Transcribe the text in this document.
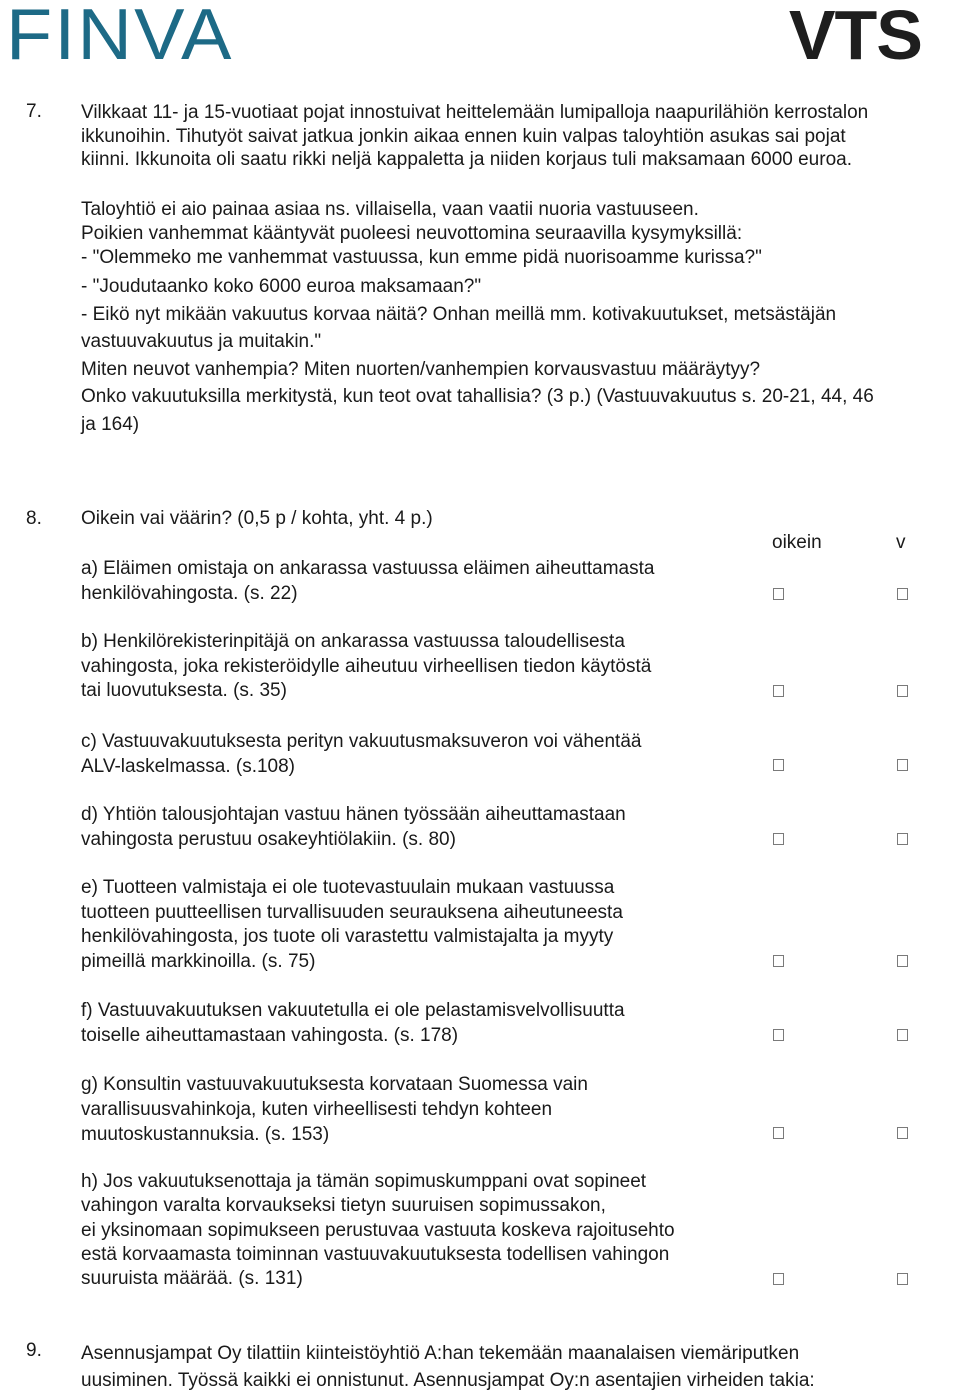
FINVA	VTS
7. Vilkkaat 11- ja 15-vuotiaat pojat innostuivat heittelemään lumipalloja naapurilähiön kerrostalon
ikkunoihin. Tihutyöt saivat jatkua jonkin aikaa ennen kuin valpas taloyhtiön asukas sai pojat
kiinni. Ikkunoita oli saatu rikki neljä kappaletta ja niiden korjaus tuli maksamaan 6000 euroa.
Taloyhtiö ei aio painaa asiaa ns. villaisella, vaan vaatii nuoria vastuuseen.
Poikien vanhemmat kääntyvät puoleesi neuvottomina seuraavilla kysymyksillä:
- "Olemmeko me vanhemmat vastuussa, kun emme pidä nuorisoamme kurissa?"
- "Joudutaanko koko 6000 euroa maksamaan?"
- Eikö nyt mikään vakuutus korvaa näitä? Onhan meillä mm. kotivakuutukset, metsästäjän
vastuuvakuutus ja muitakin."
Miten neuvot vanhempia? Miten nuorten/vanhempien korvausvastuu määräytyy?
Onko vakuutuksilla merkitystä, kun teot ovat tahallisia? (3 p.) (Vastuuvakuutus s. 20-21, 44, 46
ja 164)
8. Oikein vai väärin? (0,5 p / kohta, yht. 4 p.)
oikein	v
a) Eläimen omistaja on ankarassa vastuussa eläimen aiheuttamasta
henkilövahingosta. (s. 22)
b) Henkilörekisterinpitäjä on ankarassa vastuussa taloudellisesta
vahingosta, joka rekisteröidylle aiheutuu virheellisen tiedon käytöstä
tai luovutuksesta. (s. 35)
c) Vastuuvakuutuksesta perityn vakuutusmaksuveron voi vähentää
ALV-laskelmassa. (s.108)
d) Yhtiön talousjohtajan vastuu hänen työssään aiheuttamastaan
vahingosta perustuu osakeyhtiölakiin. (s. 80)
e) Tuotteen valmistaja ei ole tuotevastuulain mukaan vastuussa
tuotteen puutteellisen turvallisuuden seurauksena aiheutuneesta
henkilövahingosta, jos tuote oli varastettu valmistajalta ja myyty
pimeillä markkinoilla. (s. 75)
f) Vastuuvakuutuksen vakuutetulla ei ole pelastamisvelvollisuutta
toiselle aiheuttamastaan vahingosta. (s. 178)
g) Konsultin vastuuvakuutuksesta korvataan Suomessa vain
varallisuusvahinkoja, kuten virheellisesti tehdyn kohteen
muutoskustannuksia. (s. 153)
h) Jos vakuutuksenottaja ja tämän sopimuskumppani ovat sopineet
vahingon varalta korvaukseksi tietyn suuruisen sopimussakon,
ei yksinomaan sopimukseen perustuvaa vastuuta koskeva rajoitusehto
estä korvaamasta toiminnan vastuuvakuutuksesta todellisen vahingon
suuruista määrää. (s. 131)
9. Asennusjampat Oy tilattiin kiinteistöyhtiö A:han tekemään maanalaisen viemäriputken
uusiminen. Työssä kaikki ei onnistunut. Asennusjampat Oy:n asentajien virheiden takia:
